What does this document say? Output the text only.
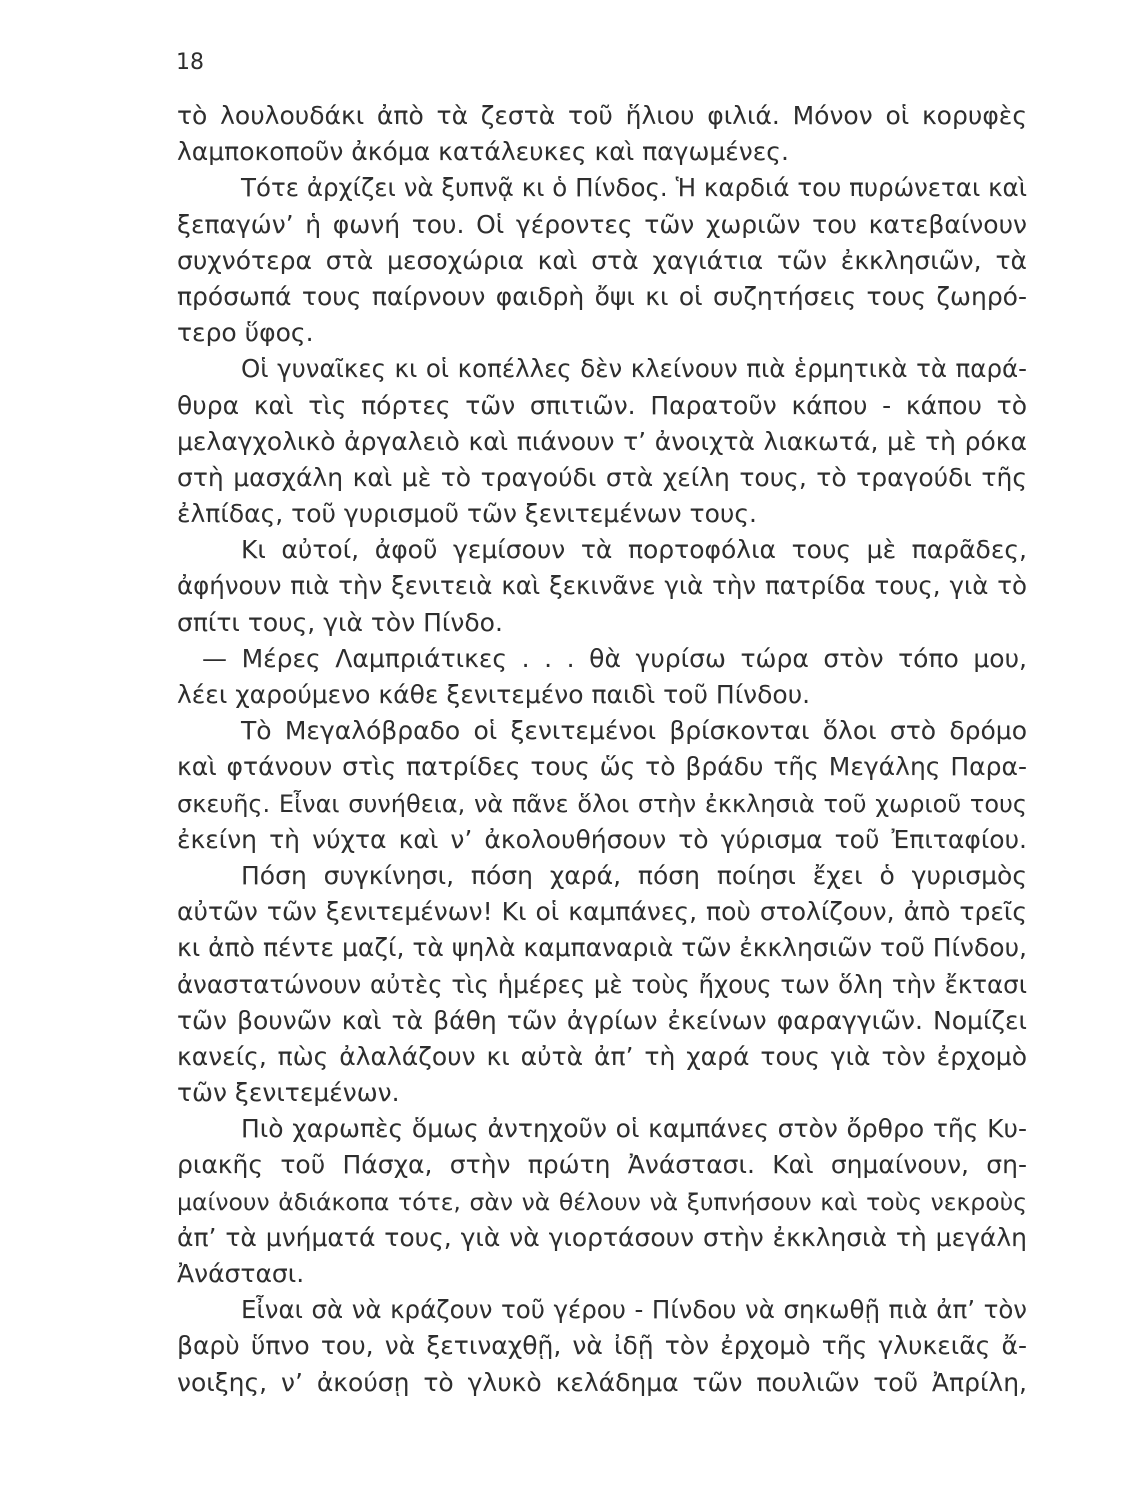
18
τὸ λουλουδάκι ἀπὸ τὰ ζεστὰ τοῦ ἥλιου φιλιά. Μόνον οἱ κορυφὲς
λαμποκοποῦν ἀκόμα κατάλευκες καὶ παγωμένες.
Τότε ἀρχίζει νὰ ξυπνᾷ κι ὁ Πίνδος. Ἡ καρδιά του πυρώνεται καὶ
ξεπαγών’ ἡ φωνή του. Οἱ γέροντες τῶν χωριῶν του κατεβαίνουν
συχνότερα στὰ μεσοχώρια καὶ στὰ χαγιάτια τῶν ἐκκλησιῶν, τὰ
πρόσωπά τους παίρνουν φαιδρὴ ὄψι κι οἱ συζητήσεις τους ζωηρό-
τερο ὕφος.
Οἱ γυναῖκες κι οἱ κοπέλλες δὲν κλείνουν πιὰ ἑρμητικὰ τὰ παρά-
θυρα καὶ τὶς πόρτες τῶν σπιτιῶν. Παρατοῦν κάπου - κάπου τὸ
μελαγχολικὸ ἀργαλειὸ καὶ πιάνουν τ’ ἀνοιχτὰ λιακωτά, μὲ τὴ ρόκα
στὴ μασχάλη καὶ μὲ τὸ τραγούδι στὰ χείλη τους, τὸ τραγούδι τῆς
ἐλπίδας, τοῦ γυρισμοῦ τῶν ξενιτεμένων τους.
Κι αὐτοί, ἀφοῦ γεμίσουν τὰ πορτοφόλια τους μὲ παρᾶδες,
ἀφήνουν πιὰ τὴν ξενιτειὰ καὶ ξεκινᾶνε γιὰ τὴν πατρίδα τους, γιὰ τὸ
σπίτι τους, γιὰ τὸν Πίνδο.
— Μέρες Λαμπριάτικες . . . θὰ γυρίσω τώρα στὸν τόπο μου,
λέει χαρούμενο κάθε ξενιτεμένο παιδὶ τοῦ Πίνδου.
Τὸ Μεγαλόβραδο οἱ ξενιτεμένοι βρίσκονται ὅλοι στὸ δρόμο
καὶ φτάνουν στὶς πατρίδες τους ὥς τὸ βράδυ τῆς Μεγάλης Παρα-
σκευῆς. Εἶναι συνήθεια, νὰ πᾶνε ὅλοι στὴν ἐκκλησιὰ τοῦ χωριοῦ τους
ἐκείνη τὴ νύχτα καὶ ν’ ἀκολουθήσουν τὸ γύρισμα τοῦ Ἐπιταφίου.
Πόση συγκίνησι, πόση χαρά, πόση ποίησι ἔχει ὁ γυρισμὸς
αὐτῶν τῶν ξενιτεμένων! Κι οἱ καμπάνες, ποὺ στολίζουν, ἀπὸ τρεῖς
κι ἀπὸ πέντε μαζί, τὰ ψηλὰ καμπαναριὰ τῶν ἐκκλησιῶν τοῦ Πίνδου,
ἀναστατώνουν αὐτὲς τὶς ἡμέρες μὲ τοὺς ἤχους των ὅλη τὴν ἔκτασι
τῶν βουνῶν καὶ τὰ βάθη τῶν ἀγρίων ἐκείνων φαραγγιῶν. Νομίζει
κανείς, πὼς ἀλαλάζουν κι αὐτὰ ἀπ’ τὴ χαρά τους γιὰ τὸν ἐρχομὸ
τῶν ξενιτεμένων.
Πιὸ χαρωπὲς ὅμως ἀντηχοῦν οἱ καμπάνες στὸν ὄρθρο τῆς Κυ-
ριακῆς τοῦ Πάσχα, στὴν πρώτη Ἀνάστασι. Καὶ σημαίνουν, ση-
μαίνουν ἀδιάκοπα τότε, σὰν νὰ θέλουν νὰ ξυπνήσουν καὶ τοὺς νεκροὺς
ἀπ’ τὰ μνήματά τους, γιὰ νὰ γιορτάσουν στὴν ἐκκλησιὰ τὴ μεγάλη
Ἀνάστασι.
Εἶναι σὰ νὰ κράζουν τοῦ γέρου - Πίνδου νὰ σηκωθῇ πιὰ ἀπ’ τὸν
βαρὺ ὕπνο του, νὰ ξετιναχθῇ, νὰ ἰδῇ τὸν ἐρχομὸ τῆς γλυκειᾶς ἄ-
νοιξης, ν’ ἀκούσῃ τὸ γλυκὸ κελάδημα τῶν πουλιῶν τοῦ Ἀπρίλη,
